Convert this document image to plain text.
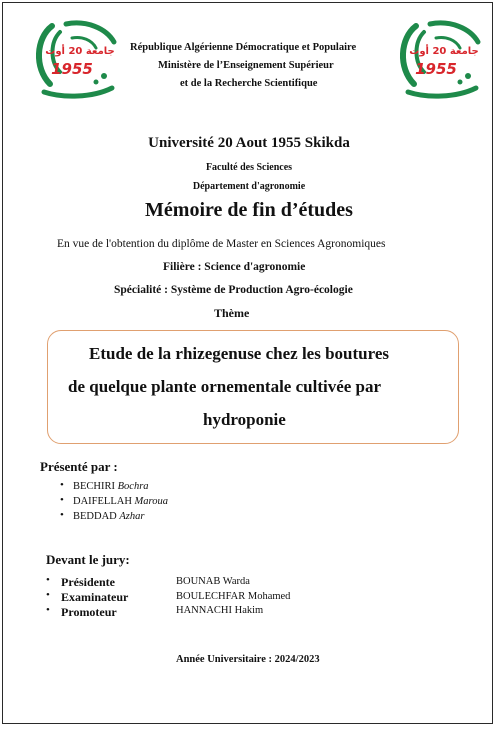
جامعة 20 أوت
1955
جامعة 20 أوت
1955
République Algérienne Démocratique et Populaire
Ministère de l’Enseignement Supérieur
et de la Recherche Scientifique
Université 20 Aout 1955 Skikda
Faculté des Sciences
Département d'agronomie
Mémoire de fin d’études
En vue de l'obtention du diplôme de Master en Sciences Agronomiques
Filière : Science d'agronomie
Spécialité : Système de Production Agro-écologie
Thème
Etude de la rhizegenuse chez les boutures
de quelque plante ornementale cultivée par
hydroponie
Présenté par :
• BECHIRI Bochra
• DAIFELLAH Maroua
• BEDDAD Azhar
Devant le jury:
• Présidente	BOUNAB Warda
• Examinateur	BOULECHFAR Mohamed
• Promoteur	HANNACHI Hakim
Année Universitaire : 2024/2023
